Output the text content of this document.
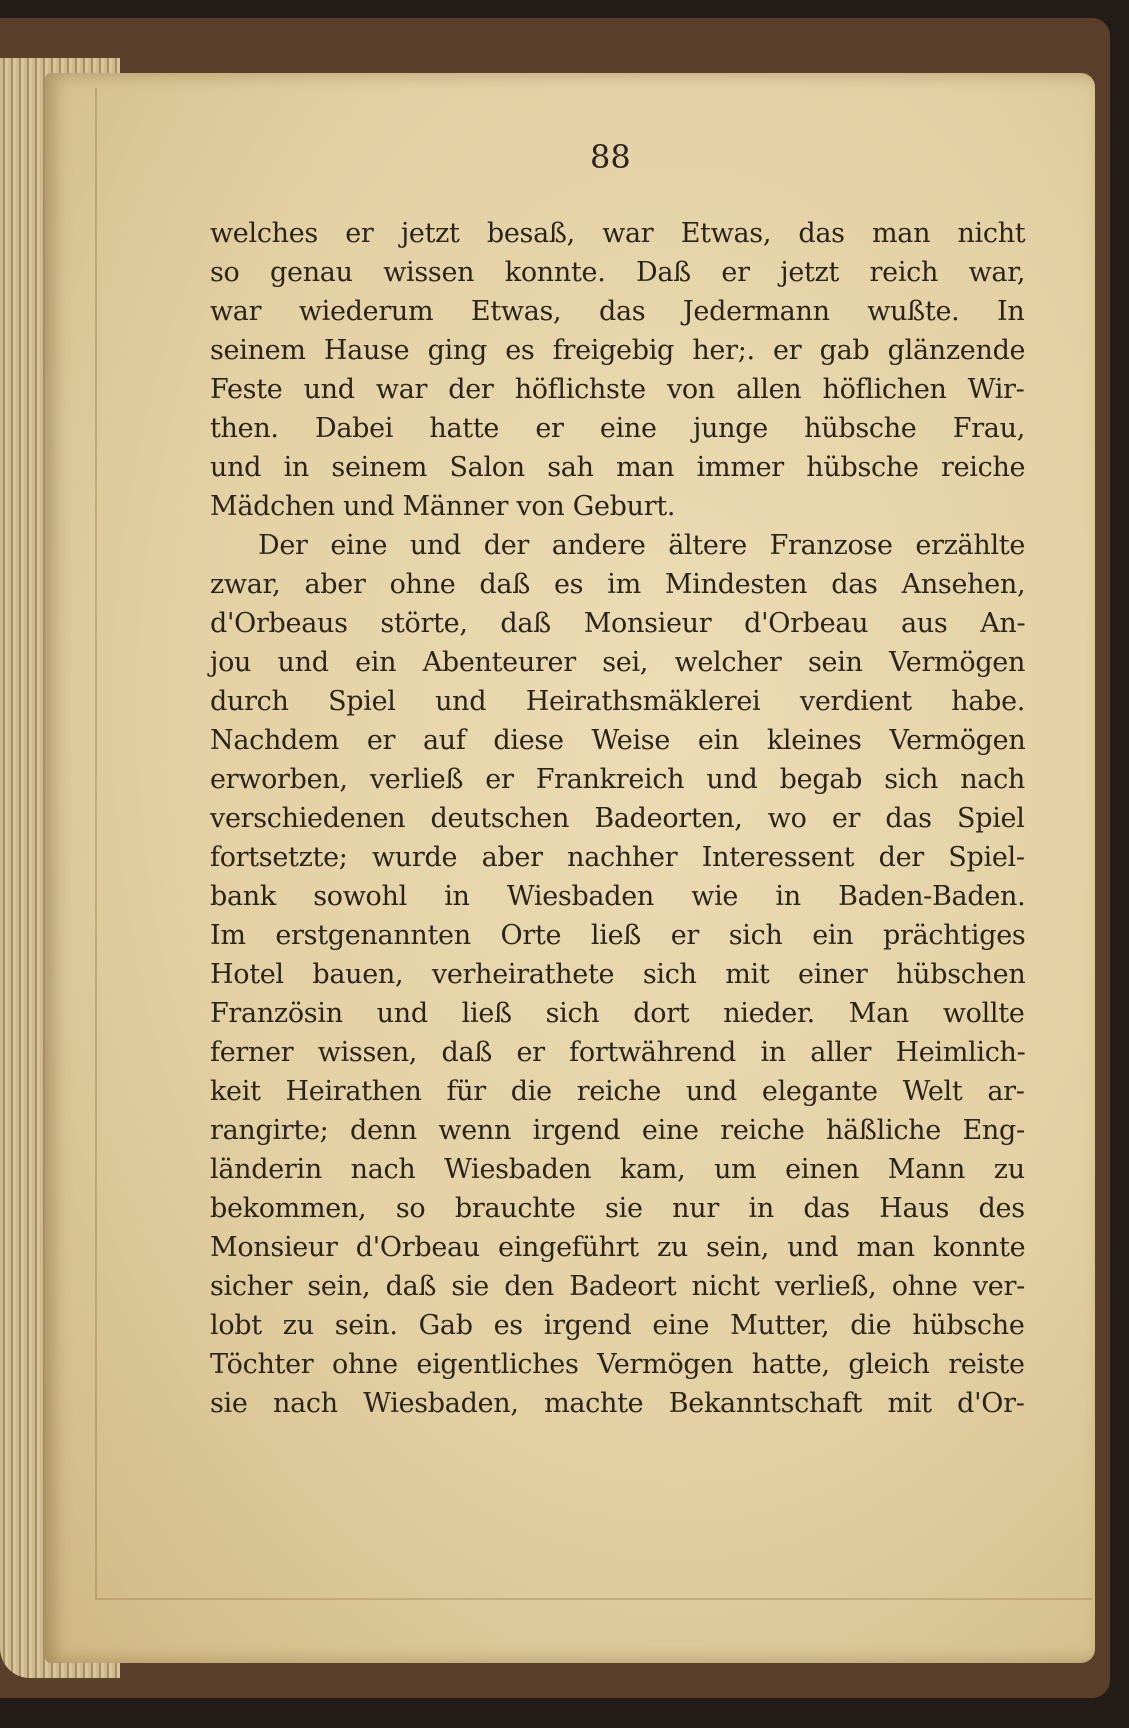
88
welches er jetzt besaß, war Etwas, das man nicht
so genau wissen konnte. Daß er jetzt reich war,
war wiederum Etwas, das Jedermann wußte. In
seinem Hause ging es freigebig her;. er gab glänzende
Feste und war der höflichste von allen höflichen Wir-
then. Dabei hatte er eine junge hübsche Frau,
und in seinem Salon sah man immer hübsche reiche
Mädchen und Männer von Geburt.
Der eine und der andere ältere Franzose erzählte
zwar, aber ohne daß es im Mindesten das Ansehen,
d'Orbeaus störte, daß Monsieur d'Orbeau aus An-
jou und ein Abenteurer sei, welcher sein Vermögen
durch Spiel und Heirathsmäklerei verdient habe.
Nachdem er auf diese Weise ein kleines Vermögen
erworben, verließ er Frankreich und begab sich nach
verschiedenen deutschen Badeorten, wo er das Spiel
fortsetzte; wurde aber nachher Interessent der Spiel-
bank sowohl in Wiesbaden wie in Baden-Baden.
Im erstgenannten Orte ließ er sich ein prächtiges
Hotel bauen, verheirathete sich mit einer hübschen
Französin und ließ sich dort nieder. Man wollte
ferner wissen, daß er fortwährend in aller Heimlich-
keit Heirathen für die reiche und elegante Welt ar-
rangirte; denn wenn irgend eine reiche häßliche Eng-
länderin nach Wiesbaden kam, um einen Mann zu
bekommen, so brauchte sie nur in das Haus des
Monsieur d'Orbeau eingeführt zu sein, und man konnte
sicher sein, daß sie den Badeort nicht verließ, ohne ver-
lobt zu sein. Gab es irgend eine Mutter, die hübsche
Töchter ohne eigentliches Vermögen hatte, gleich reiste
sie nach Wiesbaden, machte Bekanntschaft mit d'Or-
